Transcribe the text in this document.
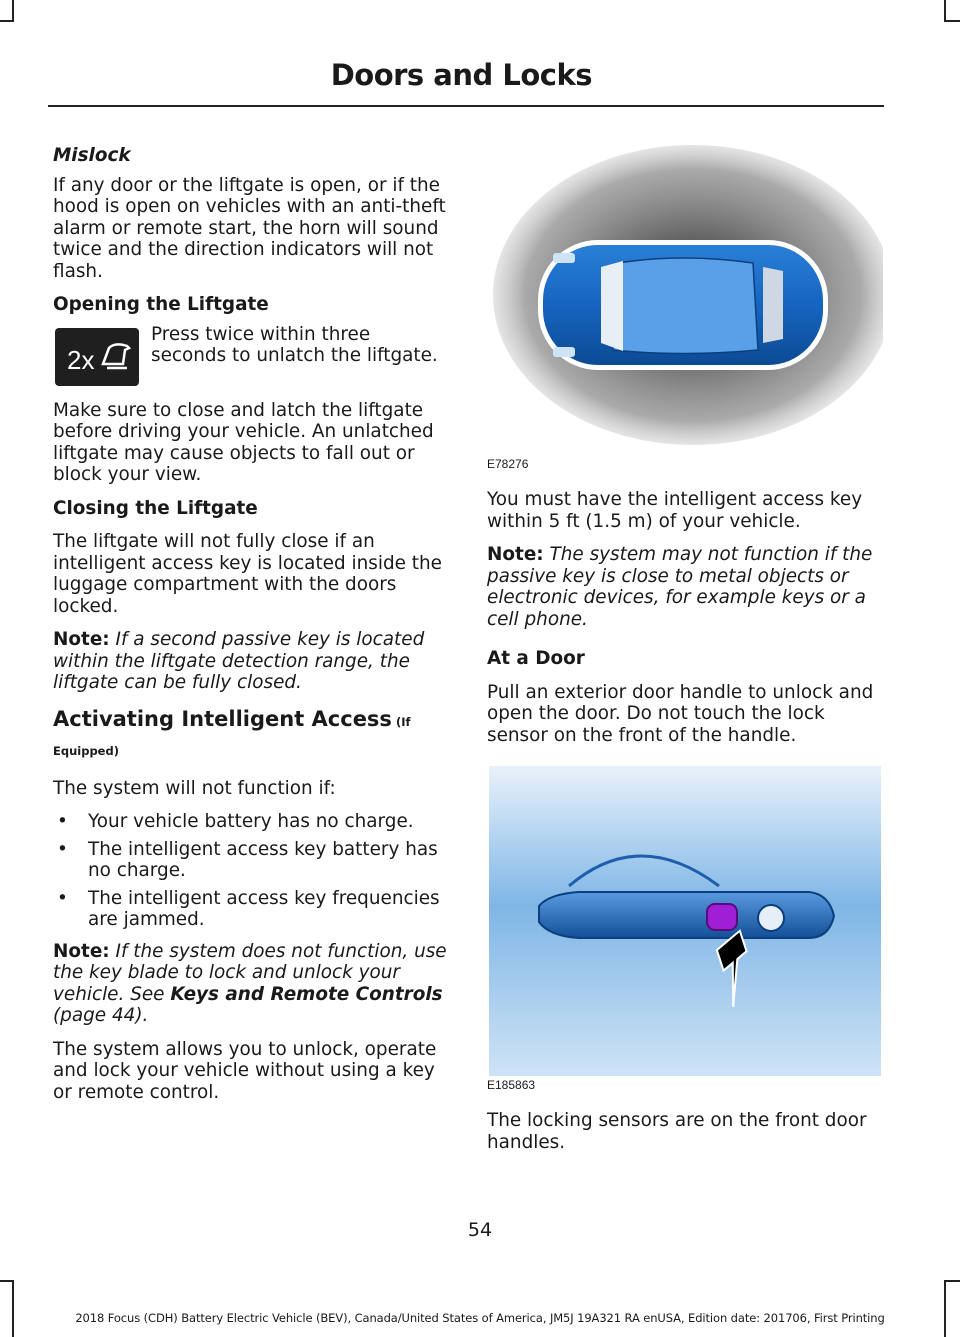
Doors and Locks
Mislock

If any door or the liftgate is open, or if the hood is open on vehicles with an anti-theft alarm or remote start, the horn will sound twice and the direction indicators will not flash.

Opening the Liftgate
2x
Press twice within three seconds to unlatch the liftgate.

Make sure to close and latch the liftgate before driving your vehicle. An unlatched liftgate may cause objects to fall out or block your view.

Closing the Liftgate

The liftgate will not fully close if an intelligent access key is located inside the luggage compartment with the doors locked.

Note: If a second passive key is located within the liftgate detection range, the liftgate can be fully closed.

Activating Intelligent Access (If Equipped)

The system will not function if:

• Your vehicle battery has no charge.
• The intelligent access key battery has no charge.
• The intelligent access key frequencies are jammed.

Note: If the system does not function, use the key blade to lock and unlock your vehicle. See Keys and Remote Controls (page 44).

The system allows you to unlock, operate and lock your vehicle without using a key or remote control.

E78276

You must have the intelligent access key within 5 ft (1.5 m) of your vehicle.

Note: The system may not function if the passive key is close to metal objects or electronic devices, for example keys or a cell phone.

At a Door

Pull an exterior door handle to unlock and open the door. Do not touch the lock sensor on the front of the handle.

E185863

The locking sensors are on the front door handles.

54
2018 Focus (CDH) Battery Electric Vehicle (BEV), Canada/United States of America, JM5J 19A321 RA enUSA, Edition date: 201706, First Printing
